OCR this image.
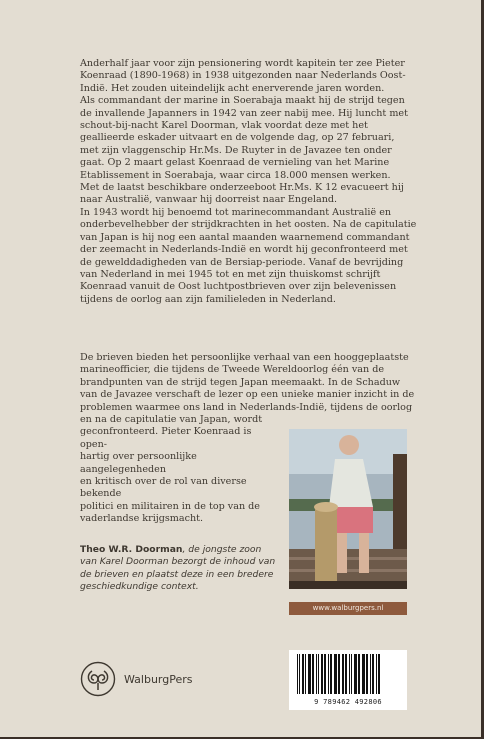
Anderhalf jaar voor zijn pensionering wordt kapitein ter zee Pieter

Koenraad (1890-1968) in 1938 uitgezonden naar Nederlands Oost-

Indië. Het zouden uiteindelijk acht enerverende jaren worden.

Als commandant der marine in Soerabaja maakt hij de strijd tegen

de invallende Japanners in 1942 van zeer nabij mee. Hij luncht met

schout-bij-nacht Karel Doorman, vlak voordat deze met het

geallieerde eskader uitvaart en de volgende dag, op 27 februari,

met zijn vlaggenschip Hr.Ms. De Ruyter in de Javazee ten onder

gaat. Op 2 maart gelast Koenraad de vernieling van het Marine

Etablissement in Soerabaja, waar circa 18.000 mensen werken.

Met de laatst beschikbare onderzeeboot Hr.Ms. K 12 evacueert hij

naar Australië, vanwaar hij doorreist naar Engeland.

In 1943 wordt hij benoemd tot marinecommandant Australië en

onderbevelhebber der strijdkrachten in het oosten. Na de capitulatie

van Japan is hij nog een aantal maanden waarnemend commandant

der zeemacht in Nederlands-Indië en wordt hij geconfronteerd met

de gewelddadigheden van de Bersiap-periode. Vanaf de bevrijding

van Nederland in mei 1945 tot en met zijn thuiskomst schrijft

Koenraad vanuit de Oost luchtpostbrieven over zijn belevenissen

tijdens de oorlog aan zijn familieleden in Nederland.

De brieven bieden het persoonlijke verhaal van een hooggeplaatste

marineofficier, die tijdens de Tweede Wereldoorlog één van de

brandpunten van de strijd tegen Japan meemaakt. In de Schaduw

van de Javazee verschaft de lezer op een unieke manier inzicht in de

problemen waarmee ons land in Nederlands-Indië, tijdens de oorlog

en na de capitulatie van Japan, wordt

geconfronteerd. Pieter Koenraad is open-

hartig over persoonlijke aangelegenheden

en kritisch over de rol van diverse bekende

politici en militairen in de top van de

vaderlandse krijgsmacht.

www.walburgpers.nl
Theo W.R. Doorman, de jongste zoon
van Karel Doorman bezorgt de inhoud van
de brieven en plaatst deze in een bredere
geschiedkundige context.
WalburgPers
9 789462 492806
